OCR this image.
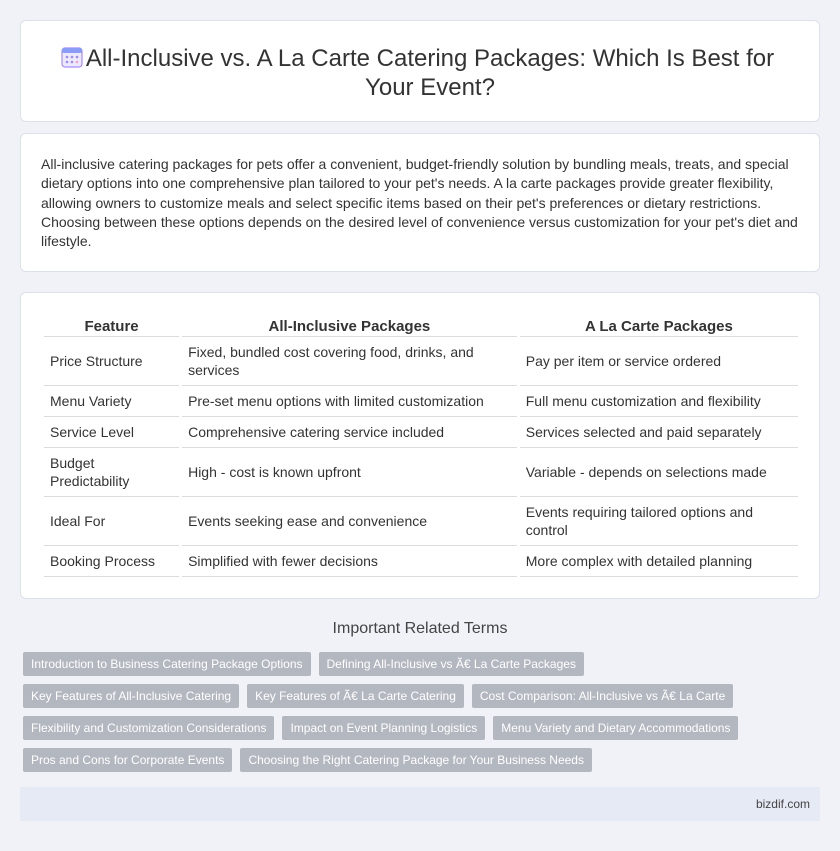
All-Inclusive vs. A La Carte Catering Packages: Which Is Best for Your Event?

All-inclusive catering packages for pets offer a convenient, budget-friendly solution by bundling meals, treats, and special dietary options into one comprehensive plan tailored to your pet's needs. A la carte packages provide greater flexibility, allowing owners to customize meals and select specific items based on their pet's preferences or dietary restrictions. Choosing between these options depends on the desired level of convenience versus customization for your pet's diet and lifestyle.

Feature	All-Inclusive Packages	A La Carte Packages
Price Structure	Fixed, bundled cost covering food, drinks, and services	Pay per item or service ordered
Menu Variety	Pre-set menu options with limited customization	Full menu customization and flexibility
Service Level	Comprehensive catering service included	Services selected and paid separately
Budget Predictability	High - cost is known upfront	Variable - depends on selections made
Ideal For	Events seeking ease and convenience	Events requiring tailored options and control
Booking Process	Simplified with fewer decisions	More complex with detailed planning
Important Related Terms
Introduction to Business Catering Package Options	Defining All-Inclusive vs Ã€ La Carte Packages
Key Features of All-Inclusive Catering	Key Features of Ã€ La Carte Catering	Cost Comparison: All-Inclusive vs Ã€ La Carte
Flexibility and Customization Considerations	Impact on Event Planning Logistics	Menu Variety and Dietary Accommodations
Pros and Cons for Corporate Events	Choosing the Right Catering Package for Your Business Needs
bizdif.com
